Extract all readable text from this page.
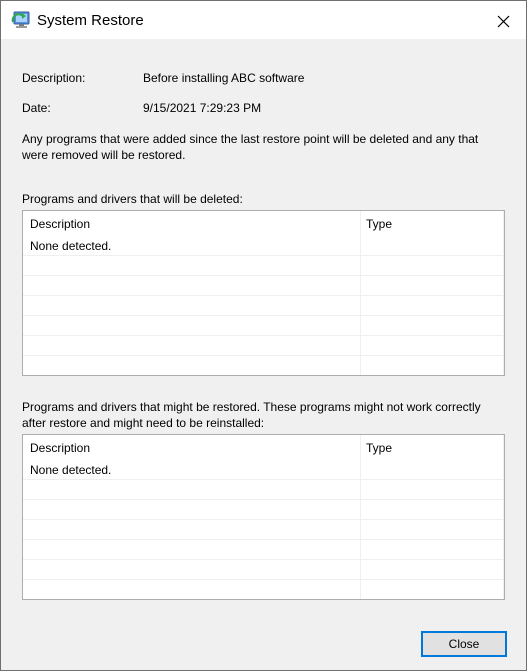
System Restore
Description:	Before installing ABC software
Date:	9/15/2021 7:29:23 PM
Any programs that were added since the last restore point will be deleted and any that were removed will be restored.
Programs and drivers that will be deleted:
Description	Type
None detected.
Programs and drivers that might be restored. These programs might not work correctly after restore and might need to be reinstalled:
Description	Type
None detected.
Close
